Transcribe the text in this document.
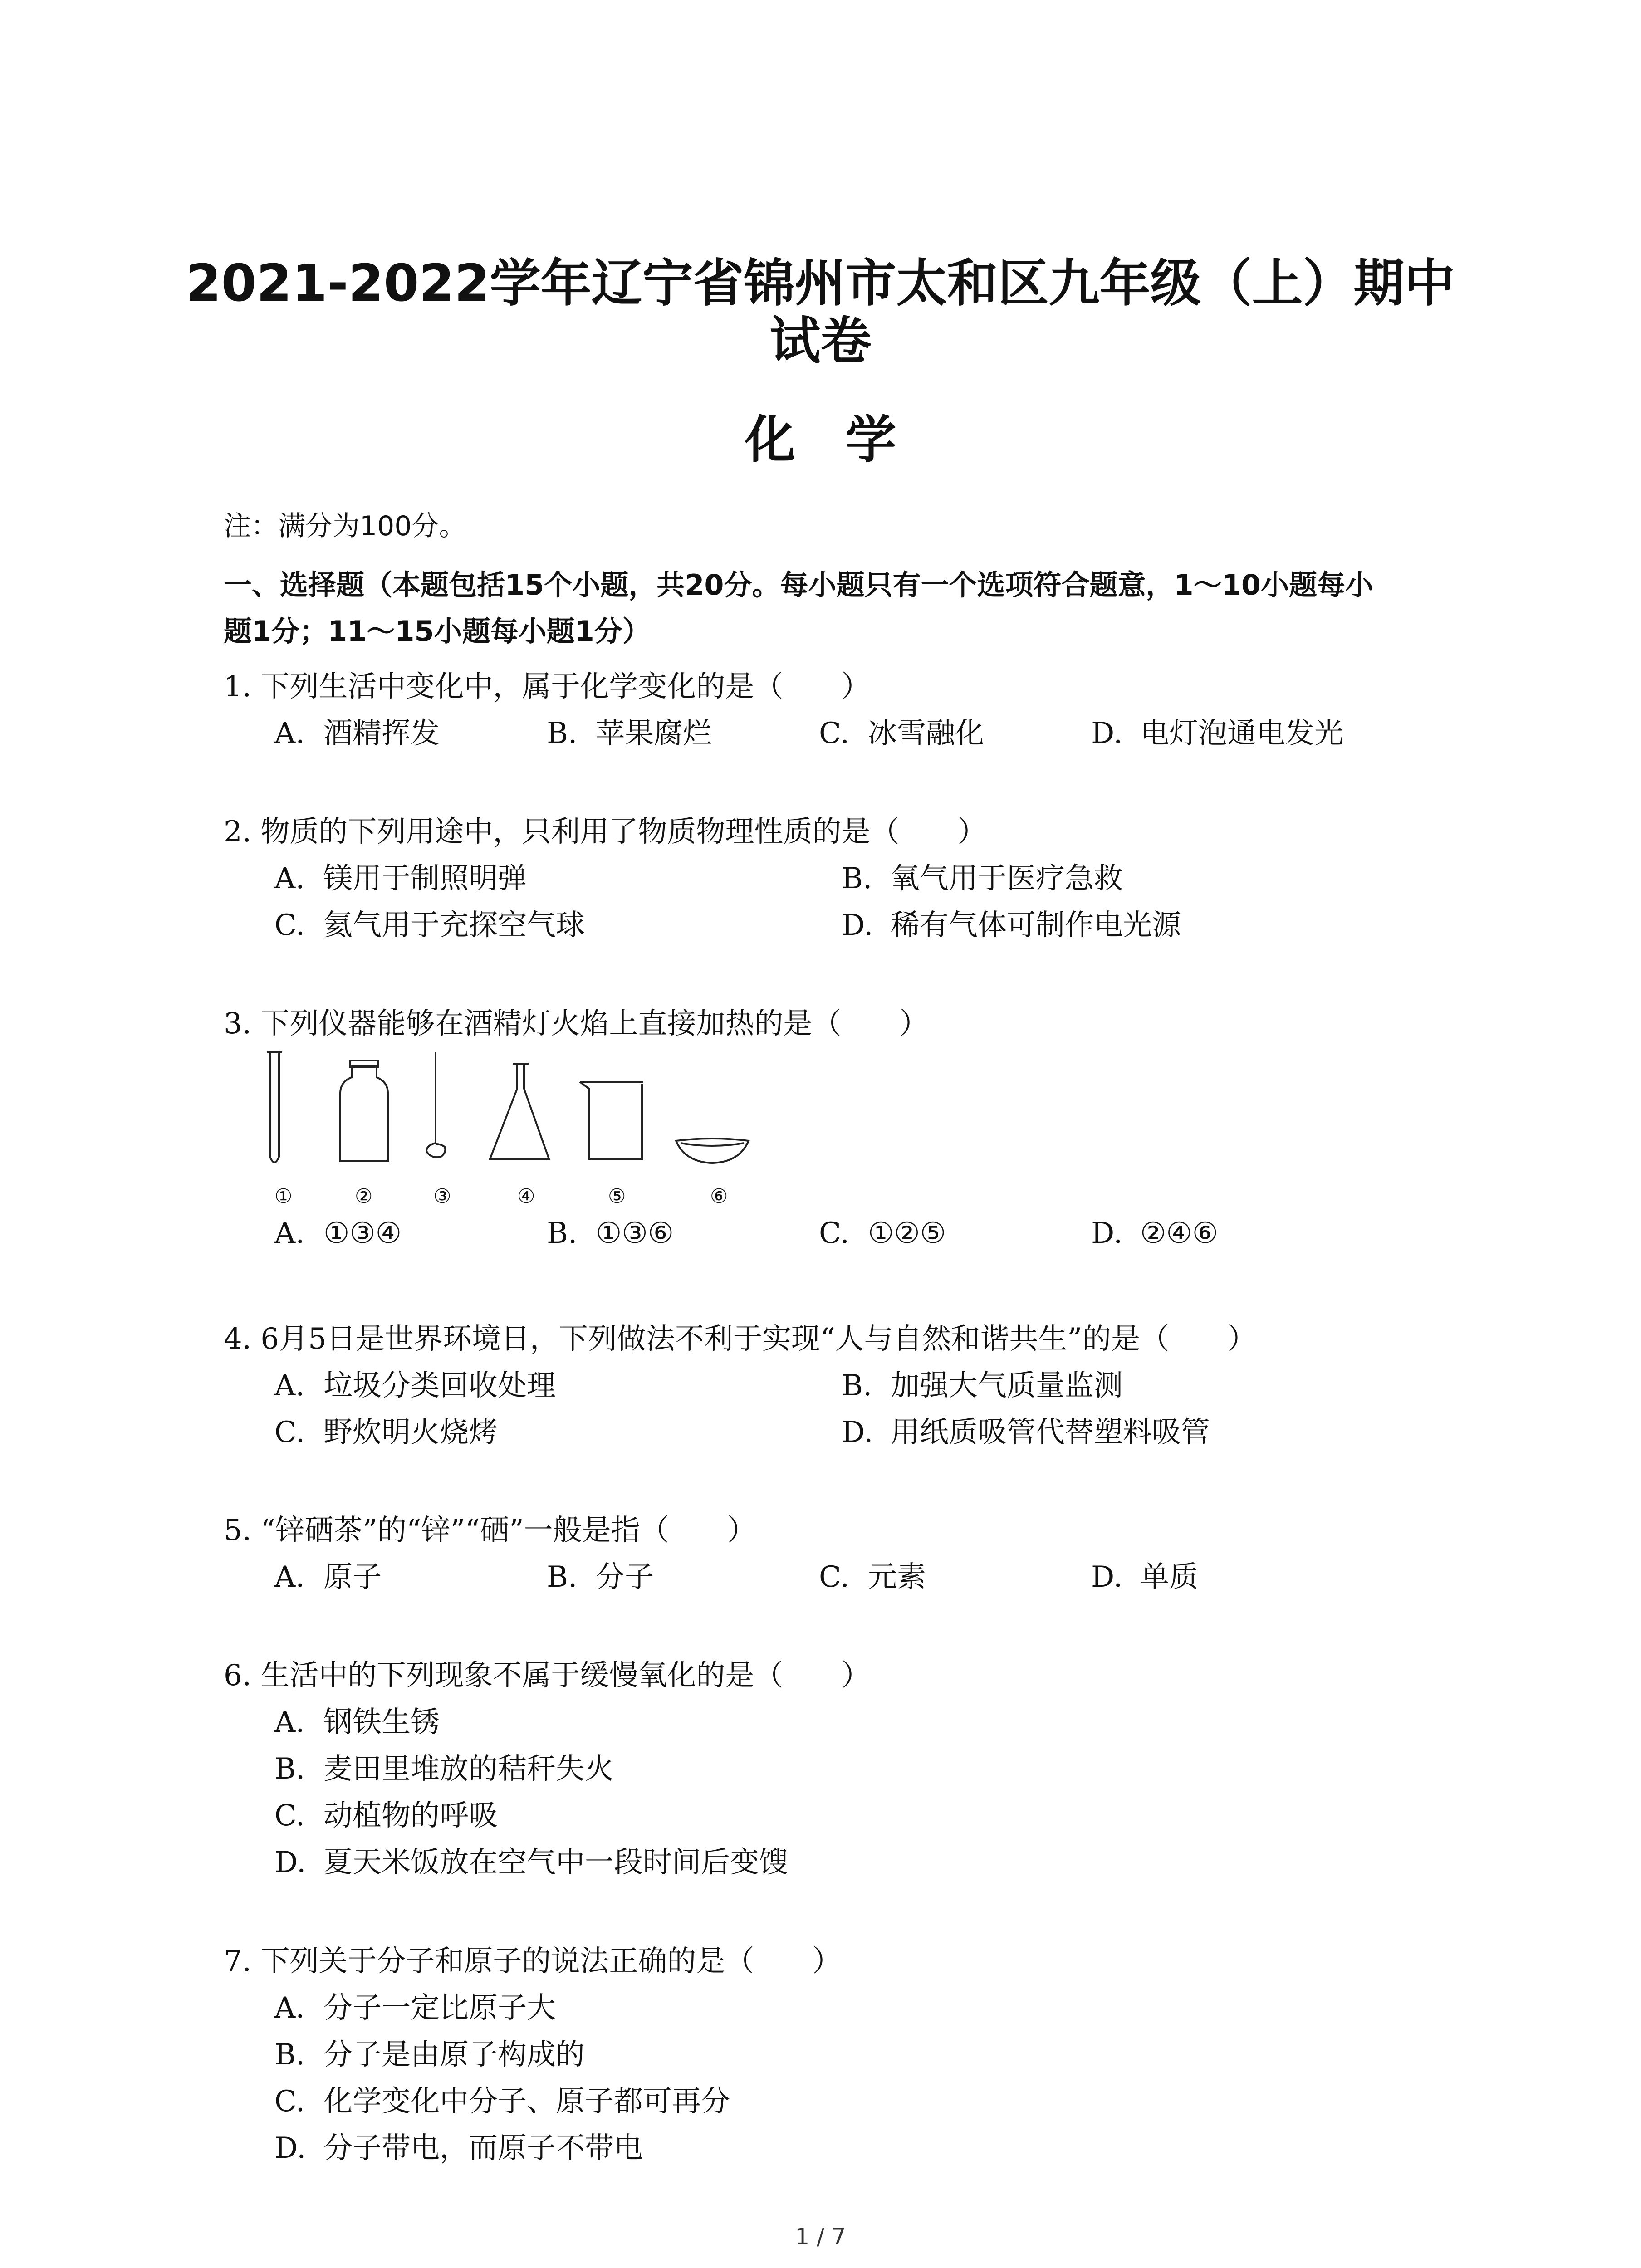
2021-2022学年辽宁省锦州市太和区九年级（上）期中
试卷
化学
注：满分为100分。
一、选择题（本题包括15个小题，共20分。每小题只有一个选项符合题意，1～10小题每小
题1分；11～15小题每小题1分）
1. 下列生活中变化中，属于化学变化的是（　　）
A. 酒精挥发	B. 苹果腐烂	C. 冰雪融化	D. 电灯泡通电发光
2. 物质的下列用途中，只利用了物质物理性质的是（　　）
A. 镁用于制照明弹	B. 氧气用于医疗急救
C. 氦气用于充探空气球	D. 稀有气体可制作电光源
3. 下列仪器能够在酒精灯火焰上直接加热的是（　　）
①	②	③	④	⑤	⑥
A. ①③④	B. ①③⑥	C. ①②⑤	D. ②④⑥
4. 6月5日是世界环境日，下列做法不利于实现“人与自然和谐共生”的是（　　）
A. 垃圾分类回收处理	B. 加强大气质量监测
C. 野炊明火烧烤	D. 用纸质吸管代替塑料吸管
5. “锌硒茶”的“锌”“硒”一般是指（　　）
A. 原子	B. 分子	C. 元素	D. 单质
6. 生活中的下列现象不属于缓慢氧化的是（　　）
A. 钢铁生锈
B. 麦田里堆放的秸秆失火
C. 动植物的呼吸
D. 夏天米饭放在空气中一段时间后变馊
7. 下列关于分子和原子的说法正确的是（　　）
A. 分子一定比原子大
B. 分子是由原子构成的
C. 化学变化中分子、原子都可再分
D. 分子带电，而原子不带电
1 / 7
